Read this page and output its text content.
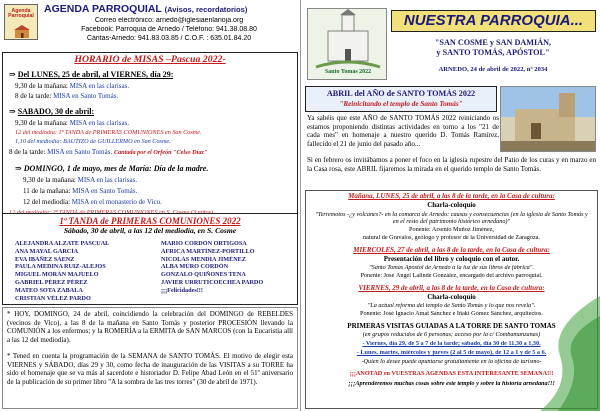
Agenda Parroquial
AGENDA PARROQUIAL (Avisos, recordatorios)
Correo electrónico: arnedo@iglesiaenlarioja.org
Facebook: Parroquia de Arnedo / Teléfono: 941.38.08.80
Cáritas-Arnedo: 941.83.03.85 / C.O.F. : 635.01.84.20
HORARIO de MISAS –Pascua 2022-
⇒ Del LUNES, 25 de abril, al VIERNES, día 29:
9,30 de la mañana: MISA en las clarisas.
8 de la tarde: MISA en Santo Tomás.
⇒ SÁBADO, 30 de abril:
9,30 de la mañana: MISA en las clarisas.
12 del mediodía: 1ª TANDA de PRIMERAS COMUNIONES en San Cosme.
1,10 del mediodía: BAUTIZO de GUILLERMO en San Cosme.
8 de la tarde: MISA en Santo Tomás. Cantada por el Orfeón "Celso Díaz"
⇒ DOMINGO, 1 de mayo, mes de María: Día de la madre.
9,30 de la mañana: MISA en las clarisas.
11 de la mañana: MISA en Santo Tomás.
12 del mediodía: MISA en el monasterio de Vico.
1ª TANDA de PRIMERAS COMUNIONES 2022
Sábado, 30 de abril, a las 12 del mediodía, en S. Cosme
ALEJANDRA ALZATE PASCUAL
ANA MAYAL GARCÍA
EVA IBÁÑEZ SÁENZ
PAULA MEDINA RUIZ-ALEJOS
MIGUEL MORÁN MAJUELO
GABRIEL PÉREZ PÉREZ
MATEO SOTA ZABALA
CRISTIAN VÉLEZ PARDO
MARIO CORDÓN ORTIGOSA
ÁFRICA MARTÍNEZ-PORTILLO
NICOLÁS MENDIA JIMÉNEZ
ALBA MURO CORDÓN
GONZALO QUIÑONES TENA
JAVIER URRUTICOECHEA PARDO
¡¡¡Felicidades!!!
* HOY, DOMINGO, 24 de abril, coincidiendo la celebración del DOMINGO de REBELDES (vecinos de Vico), a las 8 de la mañana en Santo Tomás y posterior PROCESIÓN llevando la COMUNIÓN a los enfermos; y la ROMERÍA a la ERMITA de SAN MARCOS (con la Eucaristía allí a las 12 del mediodía).
* Tened en cuenta la programación de la SEMANA de SANTO TOMÁS. El motivo de elegir esta VIERNES y SÁBADO, días 29 y 30, como fecha de inauguración de las VISITAS a su TORRE ha sido el homenaje que se va más al sacerdote e historiador D. Felipe Abad León en el 51º aniversario de la publicación de su primer libro "A la sombra de las tres torres" (30 de abril de 1971).
Santo Tomás 2022
NUESTRA PARROQUIA...
"SAN COSME y SAN DAMIÁN,
y SANTO TOMÁS, APÓSTOL"
ARNEDO, 24 de abril de 2022, nº 2034
ABRIL del AÑO de SANTO TOMÁS 2022
"Reinicitando el templo de Santo Tomás"
Ya sabéis que este AÑO de SANTO TOMÁS 2022 reiniciando os estamos proponiendo distintas actividades en torno a los "21 de cada mes" en homenaje a nuestro querido D. Tomás Ramírez, fallecido el 21 de junio del pasado año...
Si en febrero os invitábamos a poner el foco en la iglesia rupestre del Patio de los curas y en marzo en la Casa rosa, este ABRIL fijaremos la mirada en el querido templo de Santo Tomás.
Mañana, LUNES, 25 de abril, a las 8 de la tarde, en la Casa de cultura:
Charla-coloquio
"Terremotos -¿y volcanes?- en la comarca de Arnedo: causas y consecuencias (en la iglesia de Santo Tomás y en el resto del patrimonio histórico arnedano)"
Ponente: Arsenio Muñoz Jiménez,
natural de Grávalos, geólogo y profesor de la Universidad de Zaragoza.
MIÉRCOLES, 27 de abril, a las 8 de la tarde, en la Casa de cultura:
Presentación del libro y coloquio con el autor.
"Santo Tomás Apóstol de Arnedo a la luz de sus libros de fábrica".
Ponente: José Ángel Lalinde González, encargado del archivo parroquial.
VIERNES, 29 de abril, a las 8 de la tarde, en la Casa de cultura:
Charla-coloquio
"La actual reforma del templo de Santo Tomás y lo que nos revela".
Ponente: José Ignacio Amat Sánchez e Iñaki Gómez Sánchez, arquitectos.
PRIMERAS VISITAS GUIADAS A LA TORRE DE SANTO TOMÁS
(en grupos reducidos de 6 personas; acceso por la c/ Combamanzanas)
- Viernes, día 29, de 5 a 7 de la tarde; sábado, día 30 de 11,30 a 1,30.
- Lunes, martes, miércoles y jueves (2 al 5 de mayo), de 12 a 1 y de 5 a 6.
-Quien lo desee puede apuntarse gratuitamente en la oficina de turismo-
¡¡¡ANOTAD en VUESTRAS AGENDAS ESTA INTERESANTE SEMANA!!!
¡¡¡Aprenderemos muchas cosas sobre este templo y sobre la historia arnedana!!!
